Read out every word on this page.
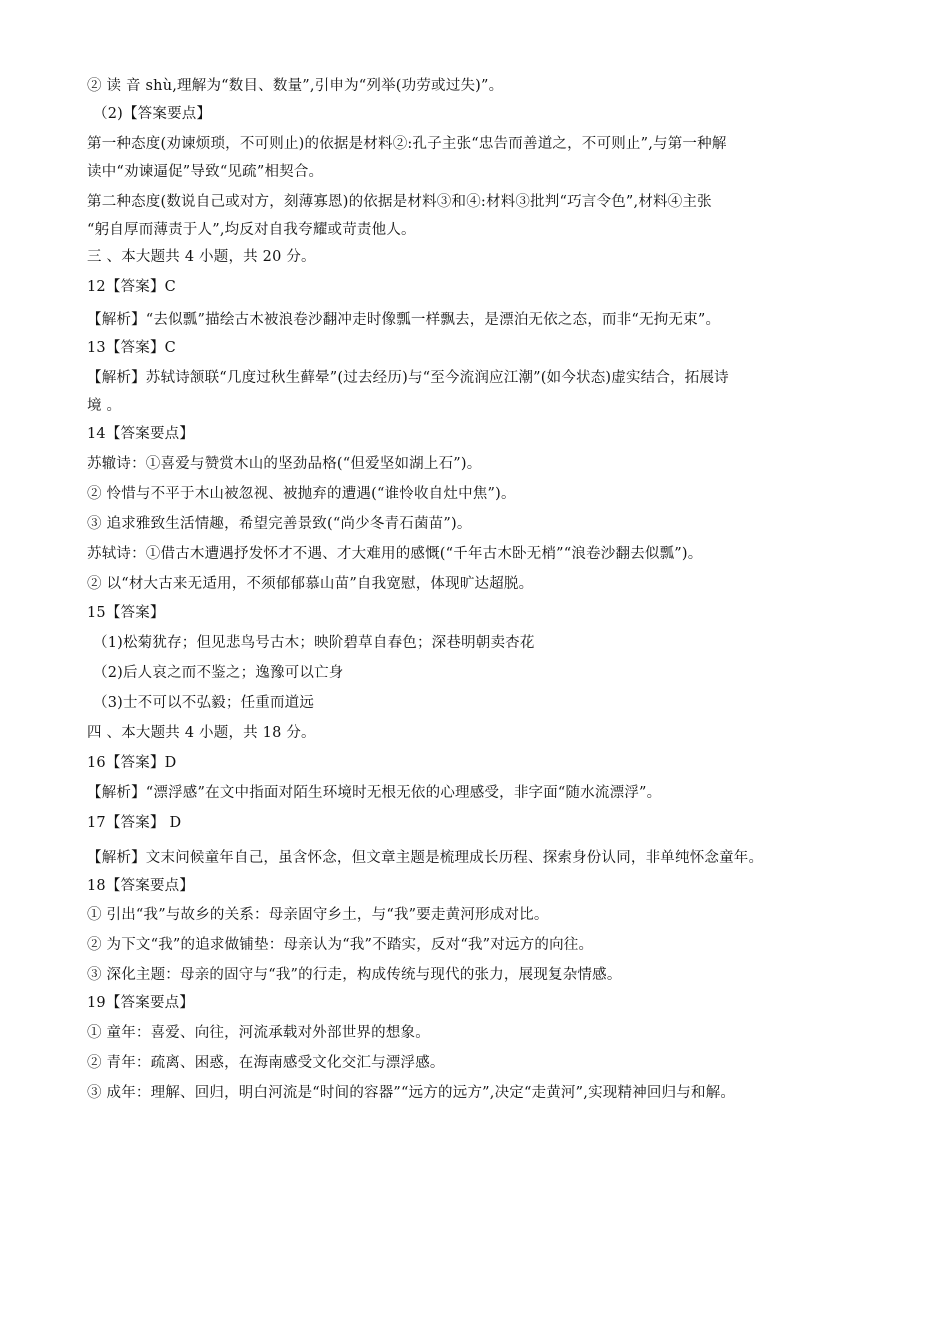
② 读 音 shù,理解为“数目、数量”,引申为“列举(功劳或过失)”。
（2)【答案要点】
第一种态度(劝谏烦琐，不可则止)的依据是材料②:孔子主张“忠告而善道之，不可则止”,与第一种解
读中“劝谏逼促”导致“见疏”相契合。
第二种态度(数说自己或对方，刻薄寡恩)的依据是材料③和④:材料③批判“巧言令色”,材料④主张
“躬自厚而薄责于人”,均反对自我夸耀或苛责他人。
三 、本大题共 4 小题，共 20 分。
12【答案】C
【解析】“去似瓢”描绘古木被浪卷沙翻冲走时像瓢一样飘去，是漂泊无依之态，而非“无拘无束”。
13【答案】C
【解析】苏轼诗颔联“几度过秋生藓晕”(过去经历)与“至今流润应江潮”(如今状态)虚实结合，拓展诗
境 。
14【答案要点】
苏辙诗：①喜爱与赞赏木山的坚劲品格(“但爱坚如湖上石”)。
② 怜惜与不平于木山被忽视、被抛弃的遭遇(“谁怜收自灶中焦”)。
③ 追求雅致生活情趣，希望完善景致(“尚少冬青石菌苗”)。
苏轼诗：①借古木遭遇抒发怀才不遇、才大难用的感慨(“千年古木卧无梢”“浪卷沙翻去似瓢”)。
② 以“材大古来无适用，不须郁郁慕山苗”自我宽慰，体现旷达超脱。
15【答案】
（1)松菊犹存；但见悲鸟号古木；映阶碧草自春色；深巷明朝卖杏花
（2)后人哀之而不鉴之；逸豫可以亡身
（3)士不可以不弘毅；任重而道远
四 、本大题共 4 小题，共 18 分。
16【答案】D
【解析】“漂浮感”在文中指面对陌生环境时无根无依的心理感受，非字面“随水流漂浮”。
17【答案】 D
【解析】文末问候童年自己，虽含怀念，但文章主题是梳理成长历程、探索身份认同，非单纯怀念童年。
18【答案要点】
① 引出“我”与故乡的关系：母亲固守乡土，与“我”要走黄河形成对比。
② 为下文“我”的追求做铺垫：母亲认为“我”不踏实，反对“我”对远方的向往。
③ 深化主题：母亲的固守与“我”的行走，构成传统与现代的张力，展现复杂情感。
19【答案要点】
① 童年：喜爱、向往，河流承载对外部世界的想象。
② 青年：疏离、困惑，在海南感受文化交汇与漂浮感。
③ 成年：理解、回归，明白河流是“时间的容器”“远方的远方”,决定“走黄河”,实现精神回归与和解。
